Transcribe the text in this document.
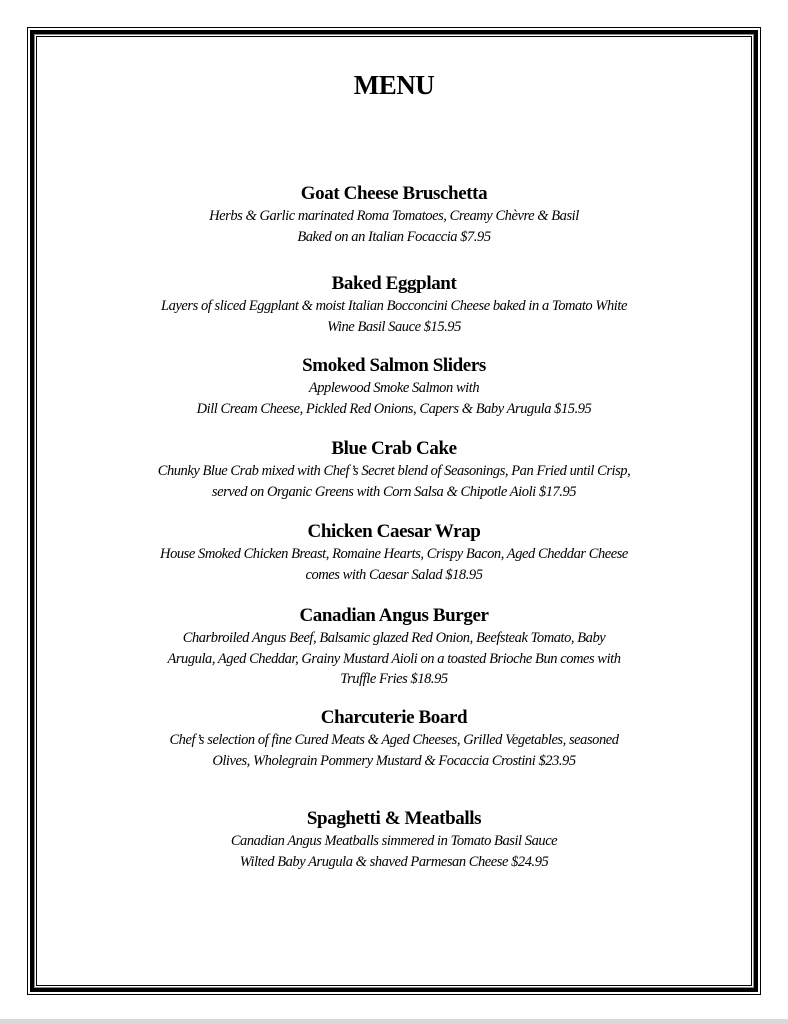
MENU
Goat Cheese Bruschetta
Herbs & Garlic marinated Roma Tomatoes, Creamy Chèvre & Basil
Baked on an Italian Focaccia $7.95
Baked Eggplant
Layers of sliced Eggplant & moist Italian Bocconcini Cheese baked in a Tomato White
Wine Basil Sauce $15.95
Smoked Salmon Sliders
Applewood Smoke Salmon with
Dill Cream Cheese, Pickled Red Onions, Capers & Baby Arugula $15.95
Blue Crab Cake
Chunky Blue Crab mixed with Chef’s Secret blend of Seasonings, Pan Fried until Crisp,
served on Organic Greens with Corn Salsa & Chipotle Aioli $17.95
Chicken Caesar Wrap
House Smoked Chicken Breast, Romaine Hearts, Crispy Bacon, Aged Cheddar Cheese
comes with Caesar Salad $18.95
Canadian Angus Burger
Charbroiled Angus Beef, Balsamic glazed Red Onion, Beefsteak Tomato, Baby
Arugula, Aged Cheddar, Grainy Mustard Aioli on a toasted Brioche Bun comes with
Truffle Fries $18.95
Charcuterie Board
Chef’s selection of fine Cured Meats & Aged Cheeses, Grilled Vegetables, seasoned
Olives, Wholegrain Pommery Mustard & Focaccia Crostini $23.95
Spaghetti & Meatballs
Canadian Angus Meatballs simmered in Tomato Basil Sauce
Wilted Baby Arugula & shaved Parmesan Cheese $24.95
